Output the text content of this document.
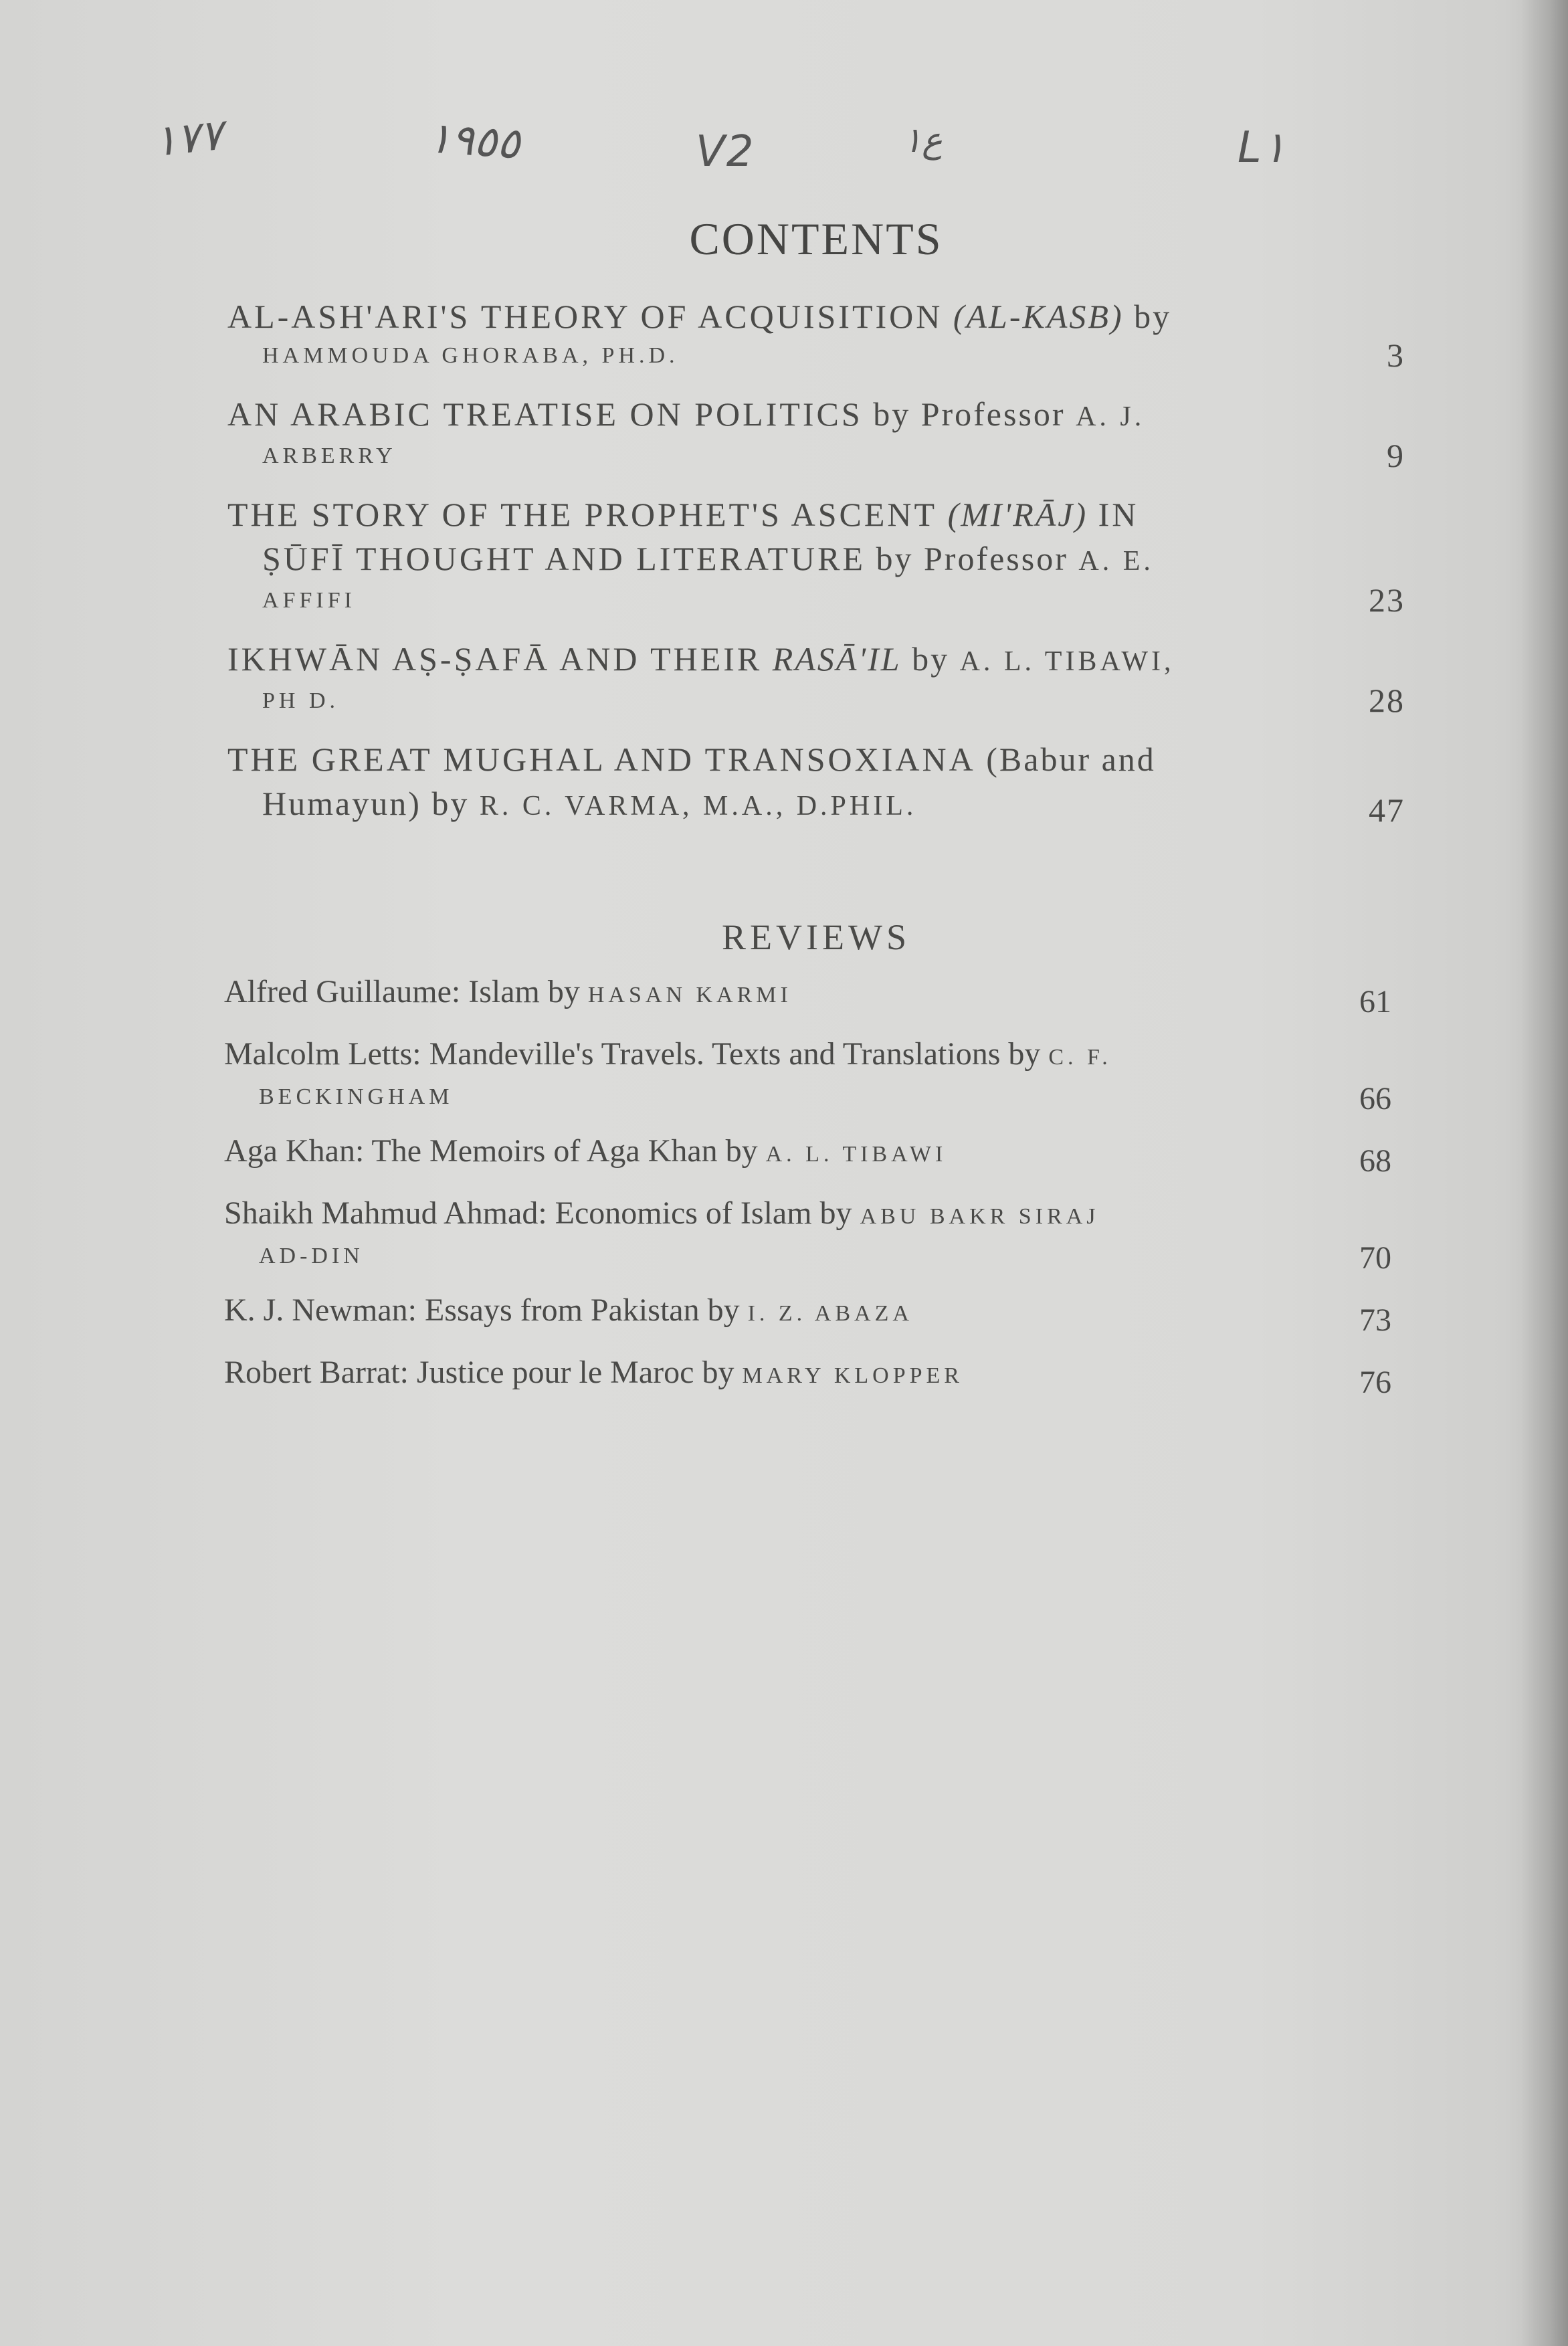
١٧٧	١٩٥٥	V2	ع١	L١
CONTENTS
AL-ASH'ARI'S THEORY OF ACQUISITION (AL-KASB) by
HAMMOUDA GHORABA, PH.D.	3
AN ARABIC TREATISE ON POLITICS by Professor A. J.
ARBERRY	9
THE STORY OF THE PROPHET'S ASCENT (MI'RĀJ) IN
ṢŪFĪ THOUGHT AND LITERATURE by Professor A. E.
AFFIFI	23
IKHWĀN AṢ-ṢAFĀ AND THEIR RASĀ'IL by A. L. TIBAWI,
PH D.	28
THE GREAT MUGHAL AND TRANSOXIANA (Babur and
Humayun) by R. C. VARMA, M.A., D.PHIL.	47
REVIEWS
Alfred Guillaume: Islam by HASAN KARMI	61
Malcolm Letts: Mandeville's Travels. Texts and Translations by C. F.
BECKINGHAM	66
Aga Khan: The Memoirs of Aga Khan by A. L. TIBAWI	68
Shaikh Mahmud Ahmad: Economics of Islam by ABU BAKR SIRAJ
AD-DIN	70
K. J. Newman: Essays from Pakistan by I. Z. ABAZA	73
Robert Barrat: Justice pour le Maroc by MARY KLOPPER	76
